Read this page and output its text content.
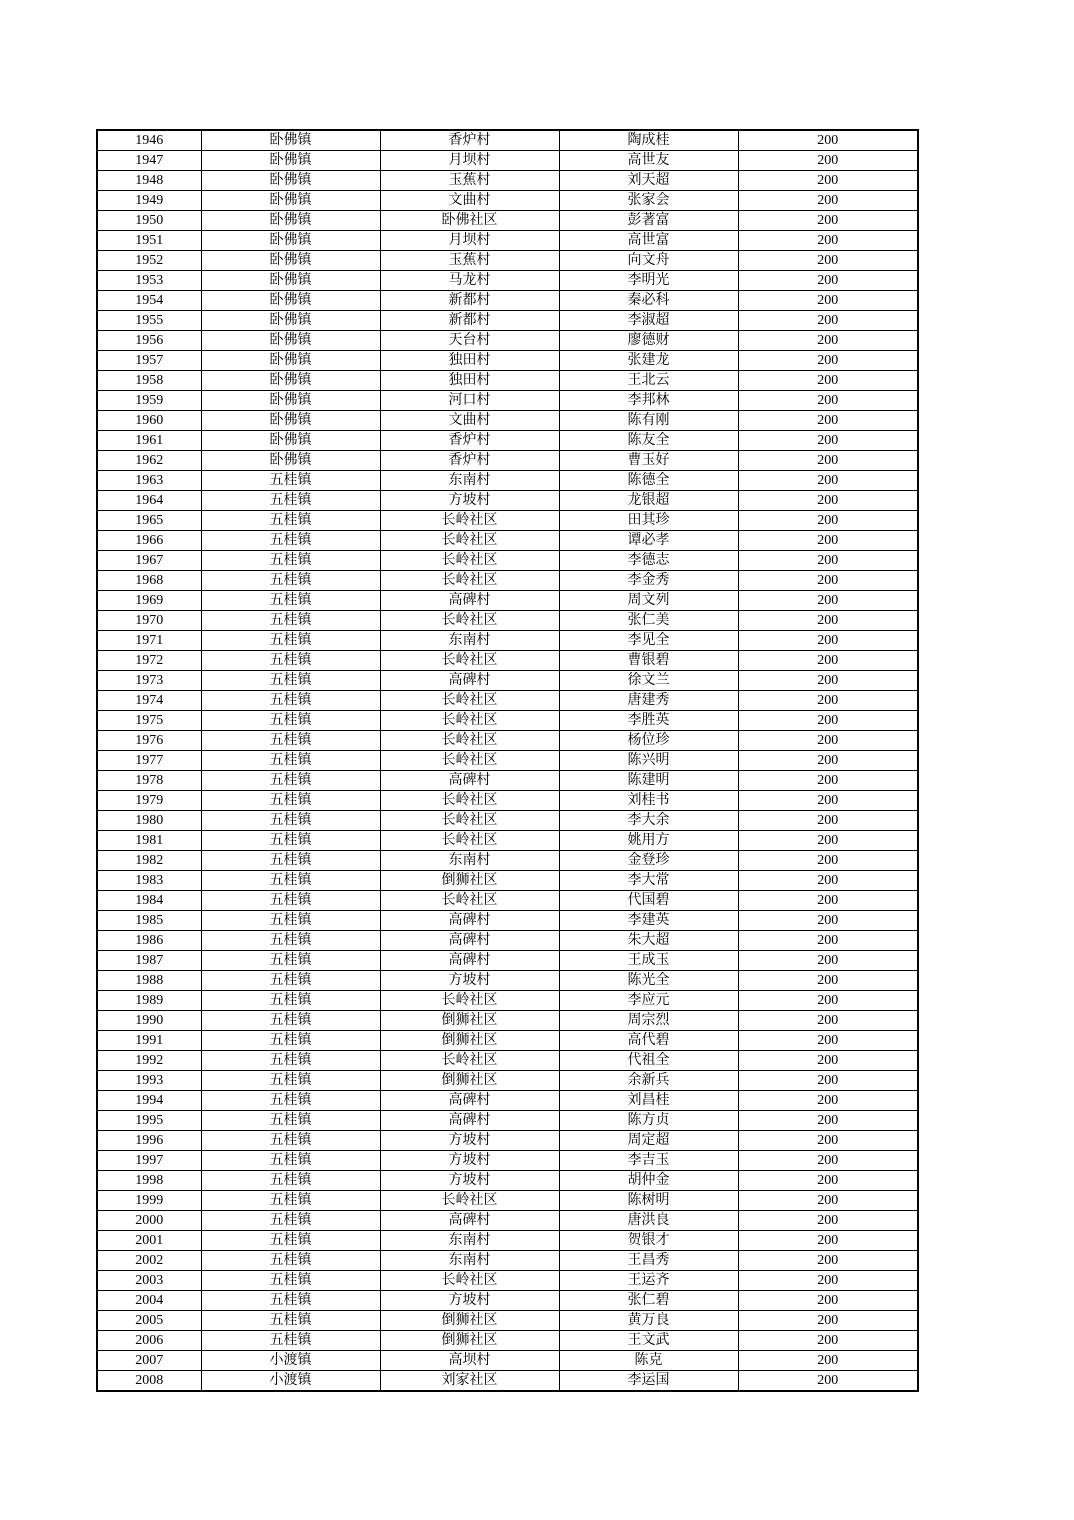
1946	卧佛镇	香炉村	陶成桂	200
1947	卧佛镇	月坝村	高世友	200
1948	卧佛镇	玉蕉村	刘天超	200
1949	卧佛镇	文曲村	张家会	200
1950	卧佛镇	卧佛社区	彭著富	200
1951	卧佛镇	月坝村	高世富	200
1952	卧佛镇	玉蕉村	向文舟	200
1953	卧佛镇	马龙村	李明光	200
1954	卧佛镇	新都村	秦必科	200
1955	卧佛镇	新都村	李淑超	200
1956	卧佛镇	天台村	廖德财	200
1957	卧佛镇	独田村	张建龙	200
1958	卧佛镇	独田村	王北云	200
1959	卧佛镇	河口村	李邦林	200
1960	卧佛镇	文曲村	陈有刚	200
1961	卧佛镇	香炉村	陈友全	200
1962	卧佛镇	香炉村	曹玉好	200
1963	五桂镇	东南村	陈德全	200
1964	五桂镇	方坡村	龙银超	200
1965	五桂镇	长岭社区	田其珍	200
1966	五桂镇	长岭社区	谭必孝	200
1967	五桂镇	长岭社区	李德志	200
1968	五桂镇	长岭社区	李金秀	200
1969	五桂镇	高碑村	周文列	200
1970	五桂镇	长岭社区	张仁美	200
1971	五桂镇	东南村	李见全	200
1972	五桂镇	长岭社区	曹银碧	200
1973	五桂镇	高碑村	徐文兰	200
1974	五桂镇	长岭社区	唐建秀	200
1975	五桂镇	长岭社区	李胜英	200
1976	五桂镇	长岭社区	杨位珍	200
1977	五桂镇	长岭社区	陈兴明	200
1978	五桂镇	高碑村	陈建明	200
1979	五桂镇	长岭社区	刘桂书	200
1980	五桂镇	长岭社区	李大余	200
1981	五桂镇	长岭社区	姚用方	200
1982	五桂镇	东南村	金登珍	200
1983	五桂镇	倒狮社区	李大常	200
1984	五桂镇	长岭社区	代国碧	200
1985	五桂镇	高碑村	李建英	200
1986	五桂镇	高碑村	朱大超	200
1987	五桂镇	高碑村	王成玉	200
1988	五桂镇	方坡村	陈光全	200
1989	五桂镇	长岭社区	李应元	200
1990	五桂镇	倒狮社区	周宗烈	200
1991	五桂镇	倒狮社区	高代碧	200
1992	五桂镇	长岭社区	代祖全	200
1993	五桂镇	倒狮社区	余新兵	200
1994	五桂镇	高碑村	刘昌桂	200
1995	五桂镇	高碑村	陈方贞	200
1996	五桂镇	方坡村	周定超	200
1997	五桂镇	方坡村	李吉玉	200
1998	五桂镇	方坡村	胡仲金	200
1999	五桂镇	长岭社区	陈树明	200
2000	五桂镇	高碑村	唐洪良	200
2001	五桂镇	东南村	贺银才	200
2002	五桂镇	东南村	王昌秀	200
2003	五桂镇	长岭社区	王运齐	200
2004	五桂镇	方坡村	张仁碧	200
2005	五桂镇	倒狮社区	黄万良	200
2006	五桂镇	倒狮社区	王文武	200
2007	小渡镇	高坝村	陈克	200
2008	小渡镇	刘家社区	李运国	200
